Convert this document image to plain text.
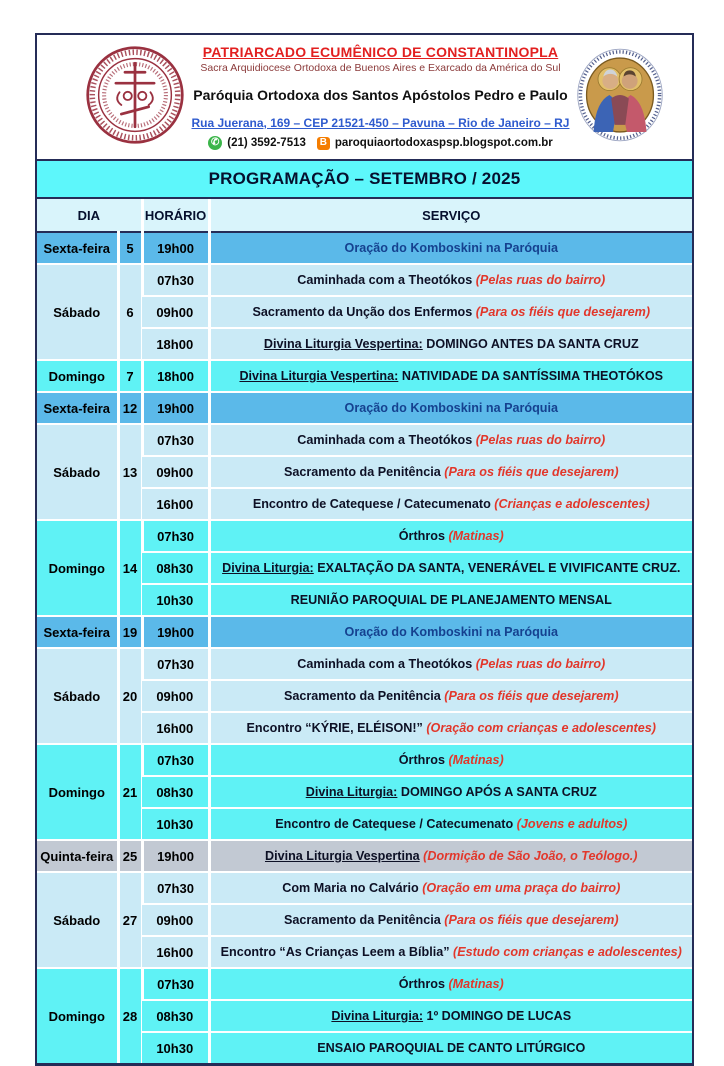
PATRIARCADO ECUMÊNICO DE CONSTANTINOPLA
Sacra Arquidiocese Ortodoxa de Buenos Aires e Exarcado da América do Sul
Paróquia Ortodoxa dos Santos Apóstolos Pedro e Paulo
Rua Juerana, 169 – CEP 21521-450 – Pavuna – Rio de Janeiro – RJ
✆ (21) 3592-7513 B paroquiaortodoxaspsp.blogspot.com.br
PROGRAMAÇÃO – SETEMBRO / 2025
DIA		HORÁRIO	SERVIÇO
Sexta-feira	5	19h00	Oração do Komboskini na Paróquia
Sábado	6	07h30	Caminhada com a Theotókos (Pelas ruas do bairro)
		09h00	Sacramento da Unção dos Enfermos (Para os fiéis que desejarem)
		18h00	Divina Liturgia Vespertina: DOMINGO ANTES DA SANTA CRUZ
Domingo	7	18h00	Divina Liturgia Vespertina: NATIVIDADE DA SANTÍSSIMA THEOTÓKOS
Sexta-feira	12	19h00	Oração do Komboskini na Paróquia
Sábado	13	07h30	Caminhada com a Theotókos (Pelas ruas do bairro)
		09h00	Sacramento da Penitência (Para os fiéis que desejarem)
		16h00	Encontro de Catequese / Catecumenato (Crianças e adolescentes)
Domingo	14	07h30	Órthros (Matinas)
		08h30	Divina Liturgia: EXALTAÇÃO DA SANTA, VENERÁVEL E VIVIFICANTE CRUZ.
		10h30	REUNIÃO PAROQUIAL DE PLANEJAMENTO MENSAL
Sexta-feira	19	19h00	Oração do Komboskini na Paróquia
Sábado	20	07h30	Caminhada com a Theotókos (Pelas ruas do bairro)
		09h00	Sacramento da Penitência (Para os fiéis que desejarem)
		16h00	Encontro “KÝRIE, ELÉISON!” (Oração com crianças e adolescentes)
Domingo	21	07h30	Órthros (Matinas)
		08h30	Divina Liturgia: DOMINGO APÓS A SANTA CRUZ
		10h30	Encontro de Catequese / Catecumenato (Jovens e adultos)
Quinta-feira	25	19h00	Divina Liturgia Vespertina (Dormição de São João, o Teólogo.)
Sábado	27	07h30	Com Maria no Calvário (Oração em uma praça do bairro)
		09h00	Sacramento da Penitência (Para os fiéis que desejarem)
		16h00	Encontro “As Crianças Leem a Bíblia” (Estudo com crianças e adolescentes)
Domingo	28	07h30	Órthros (Matinas)
		08h30	Divina Liturgia: 1º DOMINGO DE LUCAS
		10h30	ENSAIO PAROQUIAL DE CANTO LITÚRGICO
